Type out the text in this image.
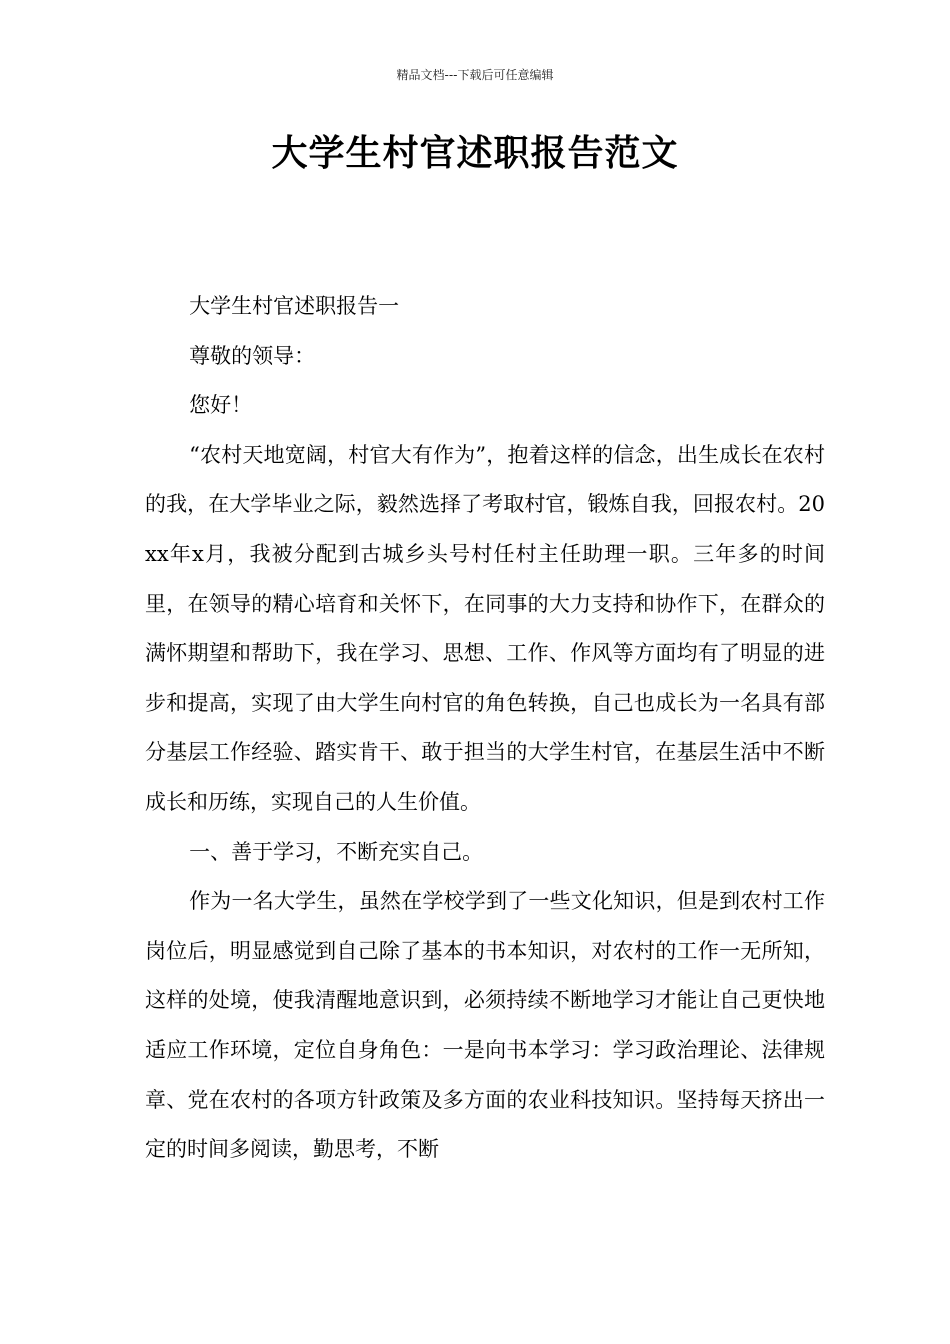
精品文档---下载后可任意编辑
大学生村官述职报告范文

大学生村官述职报告一

尊敬的领导：

您好！

“农村天地宽阔，村官大有作为”，抱着这样的信念，出生成长在农村的我，在大学毕业之际，毅然选择了考取村官，锻炼自我，回报农村。20xx年x月，我被分配到古城乡头号村任村主任助理一职。三年多的时间里，在领导的精心培育和关怀下，在同事的大力支持和协作下，在群众的满怀期望和帮助下，我在学习、思想、工作、作风等方面均有了明显的进步和提高，实现了由大学生向村官的角色转换，自己也成长为一名具有部分基层工作经验、踏实肯干、敢于担当的大学生村官，在基层生活中不断成长和历练，实现自己的人生价值。

一、善于学习，不断充实自己。

作为一名大学生，虽然在学校学到了一些文化知识，但是到农村工作岗位后，明显感觉到自己除了基本的书本知识，对农村的工作一无所知，这样的处境，使我清醒地意识到，必须持续不断地学习才能让自己更快地适应工作环境，定位自身角色：一是向书本学习：学习政治理论、法律规章、党在农村的各项方针政策及多方面的农业科技知识。坚持每天挤出一定的时间多阅读，勤思考，不断
